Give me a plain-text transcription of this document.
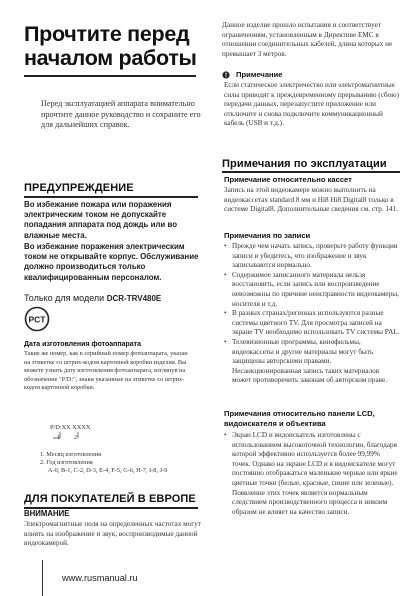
Прочтите перед началом работы
Перед эксплуатацией аппарата внимательно прочтите данное руководство и сохраните его для дальнейших справок.
ПРЕДУПРЕЖДЕНИЕ
Во избежание пожара или поражения электрическим током не допускайте попадания аппарата под дождь или во влажные места.
Во избежание поражения электрическим током не открывайте корпус. Обслуживание должно производиться только квалифицированным персоналом.
Только для модели DCR-TRV480E
PCT
Дата изготовления фотоаппарата
Такие же номер, как в серийный номер фотоаппарата, указан на этикетке со штрих-кодом картонной коробки изделия. Вы можете узнать дату изготовления фотоаппарата, взглянув на обозначение "P/D:", знаки указанные на этикетке со штрих-кодом картонной коробки.
P/D:XX XXXX
1 2
1. Месяц изготовления
2. Год изготовления
A-0, B-1, C-2, D-3, E-4, F-5, G-6, H-7, I-8, J-9
ДЛЯ ПОКУПАТЕЛЕЙ В ЕВРОПЕ
ВНИМАНИЕ
Электромагнитные поля на определенных частотах могут влиять на изображение и звук, воспроизводимые данной видеокамерой.
www.rusmanual.ru
Данное изделие прошло испытания и соответствует ограничениям, установленным в Директиве EMC в отношении соединительных кабелей, длина которых не превышает 3 метров.
Примечание
Если статическое электричество или электромагнитные силы приводят к преждевременному прерыванию (сбою) передачи данных, перезапустите приложение или отключите и снова подключите коммуникационный кабель (USB и т.д.).
Примечания по эксплуатации
Примечание относительно кассет
Запись на этой видеокамере можно выполнить на видеокассетах standard 8 мм и Hi8 Hi8 Digital8 только в системе Digital8. Дополнительные сведения см. стр. 141.
Примечания по записи
• Прежде чем начать запись, проверьте работу функции записи и убедитесь, что изображение и звук записываются нормально.
• Содержимое записанного материала нельзя восстановить, если запись или воспроизведение невозможны по причине неисправности видеокамеры, носителя и т.д.
• В разных странах/регионах используются разные системы цветного TV. Для просмотра записей на экране TV необходимо использовать TV системы PAL.
• Телевизионные программы, кинофильмы, видеокассеты и другие материалы могут быть защищены авторскими правами. Несанкционированная запись таких материалов может противоречить законам об авторском праве.
Примечания относительно панели LCD, видоискателя и объектива
• Экран LCD и видоискатель изготовлены с использованием высокоточной технологии, благодаря которой эффективно используется более 99,99% точек. Однако на экране LCD и в видоискателе могут постоянно отображаться маленькие черные или яркие цветные точки (белые, красные, синие или зеленые). Появление этих точек является нормальным следствием производственного процесса и никоим образом не влияет на качество записи.
